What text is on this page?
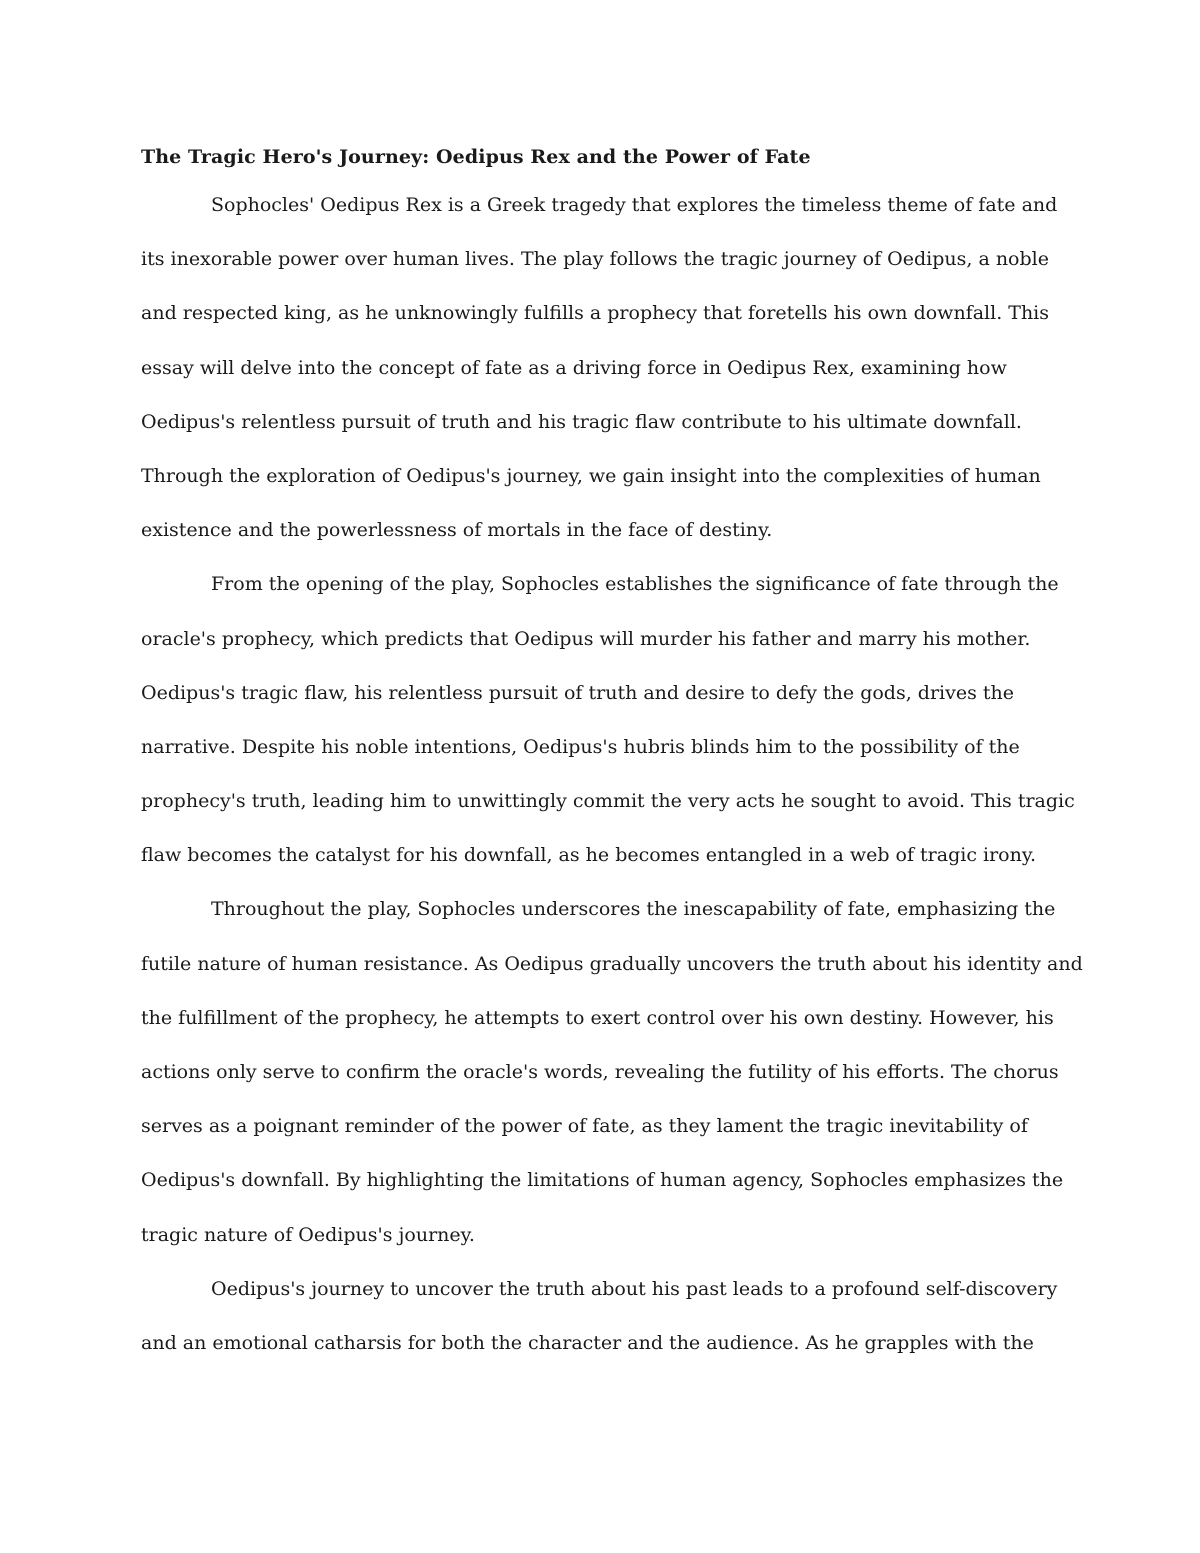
The Tragic Hero's Journey: Oedipus Rex and the Power of Fate
Sophocles' Oedipus Rex is a Greek tragedy that explores the timeless theme of fate and
its inexorable power over human lives. The play follows the tragic journey of Oedipus, a noble
and respected king, as he unknowingly fulfills a prophecy that foretells his own downfall. This
essay will delve into the concept of fate as a driving force in Oedipus Rex, examining how
Oedipus's relentless pursuit of truth and his tragic flaw contribute to his ultimate downfall.
Through the exploration of Oedipus's journey, we gain insight into the complexities of human
existence and the powerlessness of mortals in the face of destiny.
From the opening of the play, Sophocles establishes the significance of fate through the
oracle's prophecy, which predicts that Oedipus will murder his father and marry his mother.
Oedipus's tragic flaw, his relentless pursuit of truth and desire to defy the gods, drives the
narrative. Despite his noble intentions, Oedipus's hubris blinds him to the possibility of the
prophecy's truth, leading him to unwittingly commit the very acts he sought to avoid. This tragic
flaw becomes the catalyst for his downfall, as he becomes entangled in a web of tragic irony.
Throughout the play, Sophocles underscores the inescapability of fate, emphasizing the
futile nature of human resistance. As Oedipus gradually uncovers the truth about his identity and
the fulfillment of the prophecy, he attempts to exert control over his own destiny. However, his
actions only serve to confirm the oracle's words, revealing the futility of his efforts. The chorus
serves as a poignant reminder of the power of fate, as they lament the tragic inevitability of
Oedipus's downfall. By highlighting the limitations of human agency, Sophocles emphasizes the
tragic nature of Oedipus's journey.
Oedipus's journey to uncover the truth about his past leads to a profound self-discovery
and an emotional catharsis for both the character and the audience. As he grapples with the
